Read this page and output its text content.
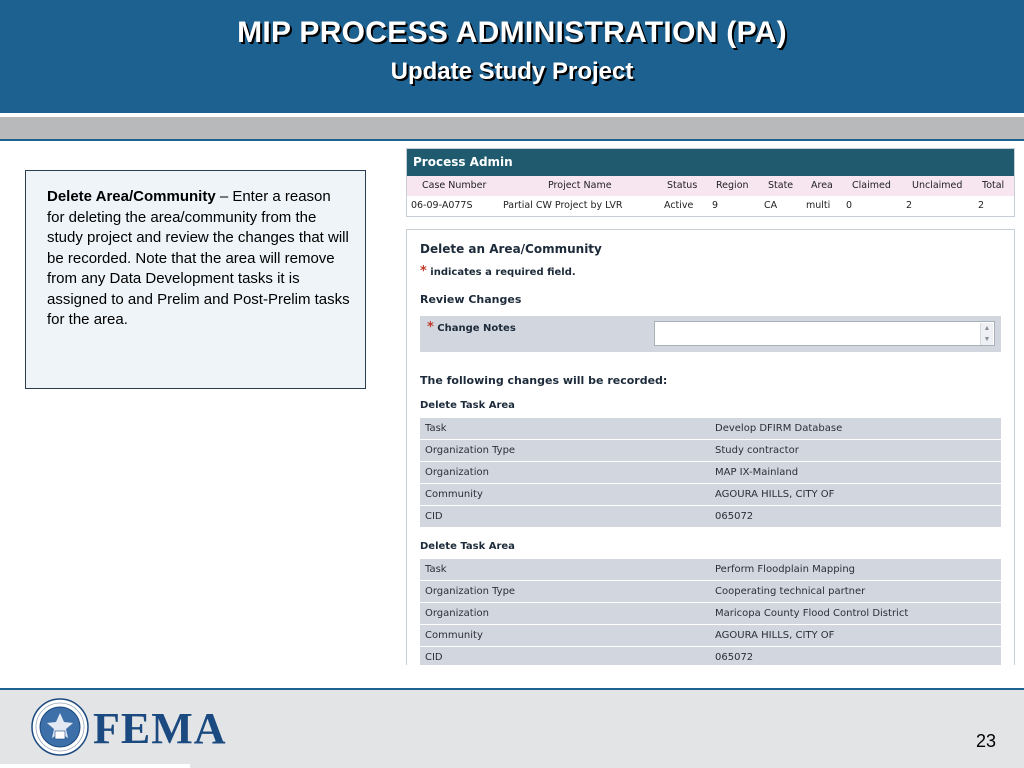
MIP PROCESS ADMINISTRATION (PA)
Update Study Project
Delete Area/Community – Enter a reason for deleting the area/community from the study project and review the changes that will be recorded. Note that the area will remove from any Data Development tasks it is assigned to and Prelim and Post-Prelim tasks for the area.
Process Admin
Case Number	Project Name	Status Region State Area Claimed Unclaimed Total
06-09-A077S	Partial CW Project by LVR	Active 9	CA	multi 0	2	2
Delete an Area/Community
* indicates a required field.
Review Changes
* Change Notes	▲
▼
The following changes will be recorded:
Delete Task Area
Task	Develop DFIRM Database
Organization Type	Study contractor
Organization	MAP IX-Mainland
Community	AGOURA HILLS, CITY OF
CID	065072
Delete Task Area
Task	Perform Floodplain Mapping
Organization Type	Cooperating technical partner
Organization	Maricopa County Flood Control District
Community	AGOURA HILLS, CITY OF
CID	065072
FEMA	23
